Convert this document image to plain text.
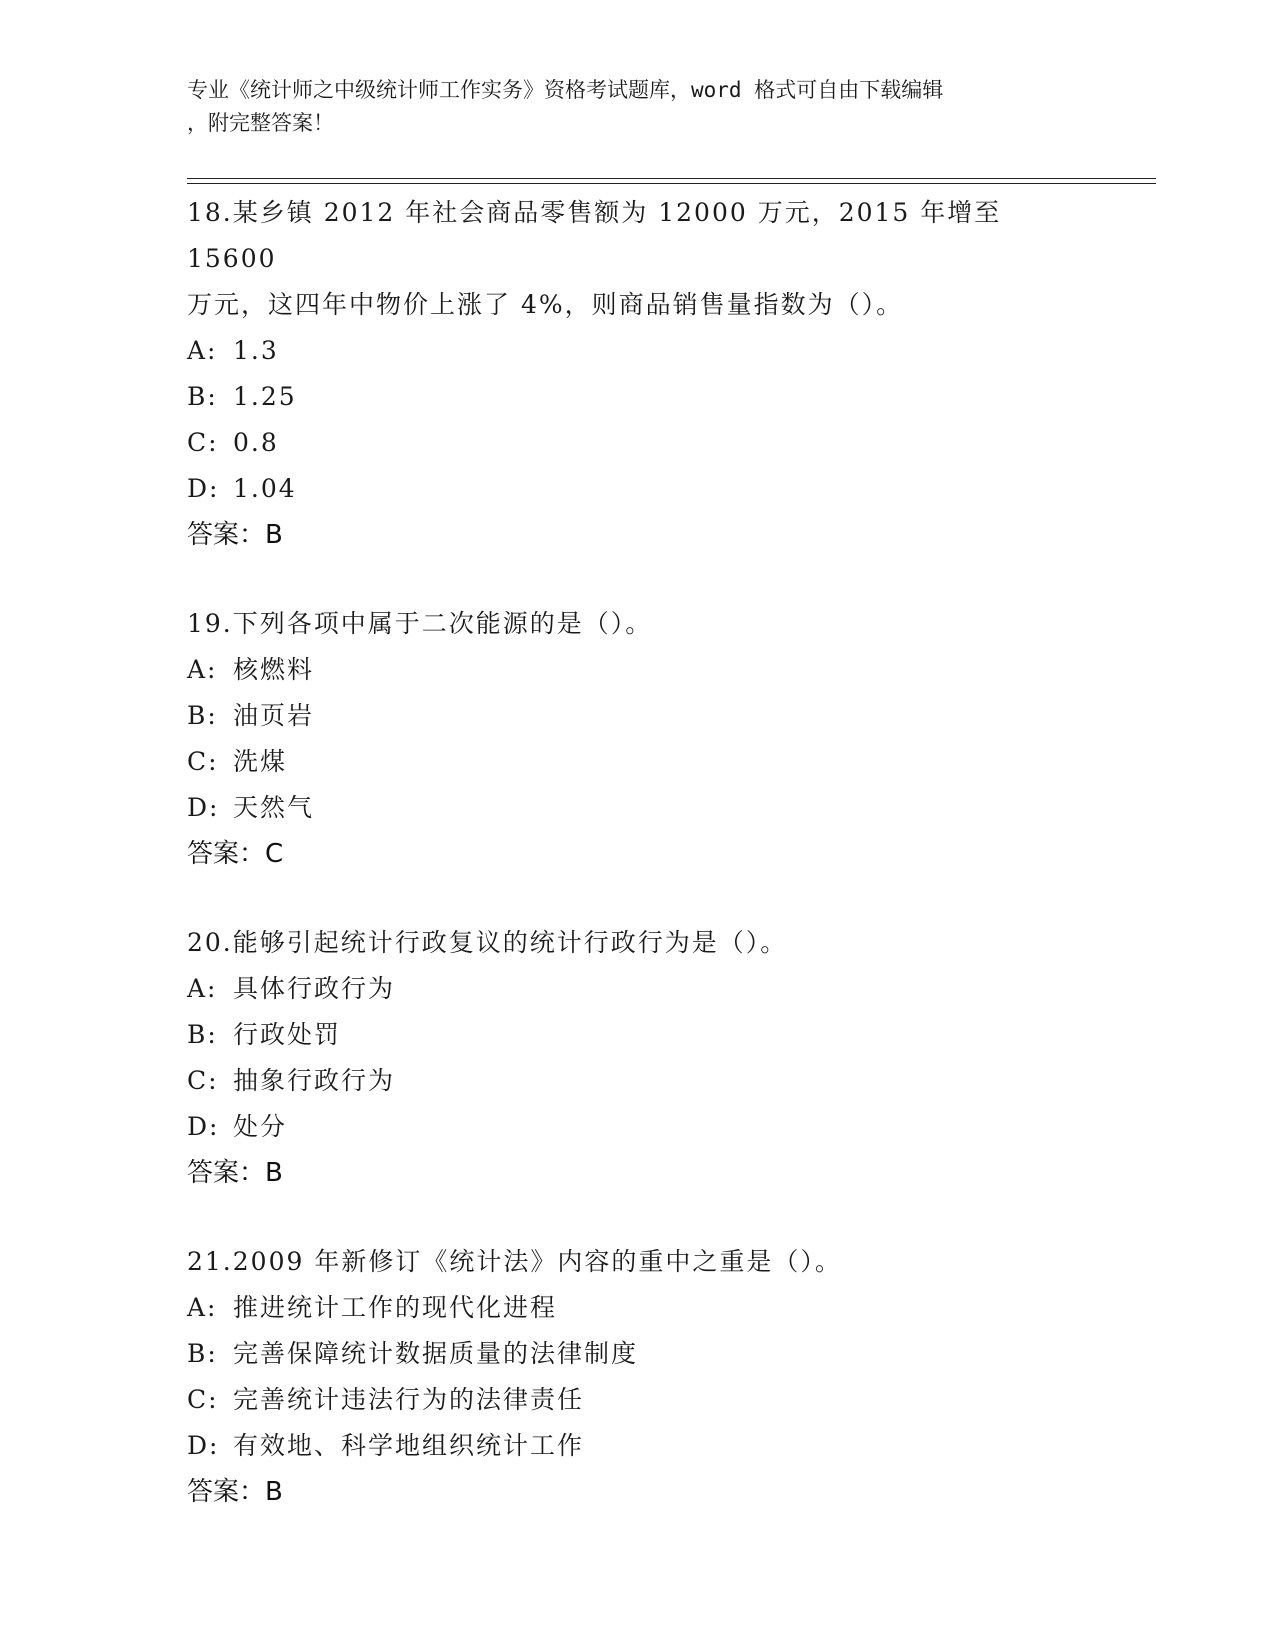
专业《统计师之中级统计师工作实务》资格考试题库，word 格式可自由下载编辑
，附完整答案！

18.某乡镇 2012 年社会商品零售额为 12000 万元，2015 年增至 15600

万元，这四年中物价上涨了 4%，则商品销售量指数为（）。

A: 1.3

B: 1.25

C: 0.8

D: 1.04

答案：B

19.下列各项中属于二次能源的是（）。

A: 核燃料

B: 油页岩

C: 洗煤

D: 天然气

答案：C

20.能够引起统计行政复议的统计行政行为是（）。

A: 具体行政行为

B: 行政处罚

C: 抽象行政行为

D: 处分

答案：B

21.2009 年新修订《统计法》内容的重中之重是（）。

A: 推进统计工作的现代化进程

B: 完善保障统计数据质量的法律制度

C: 完善统计违法行为的法律责任

D: 有效地、科学地组织统计工作

答案：B
